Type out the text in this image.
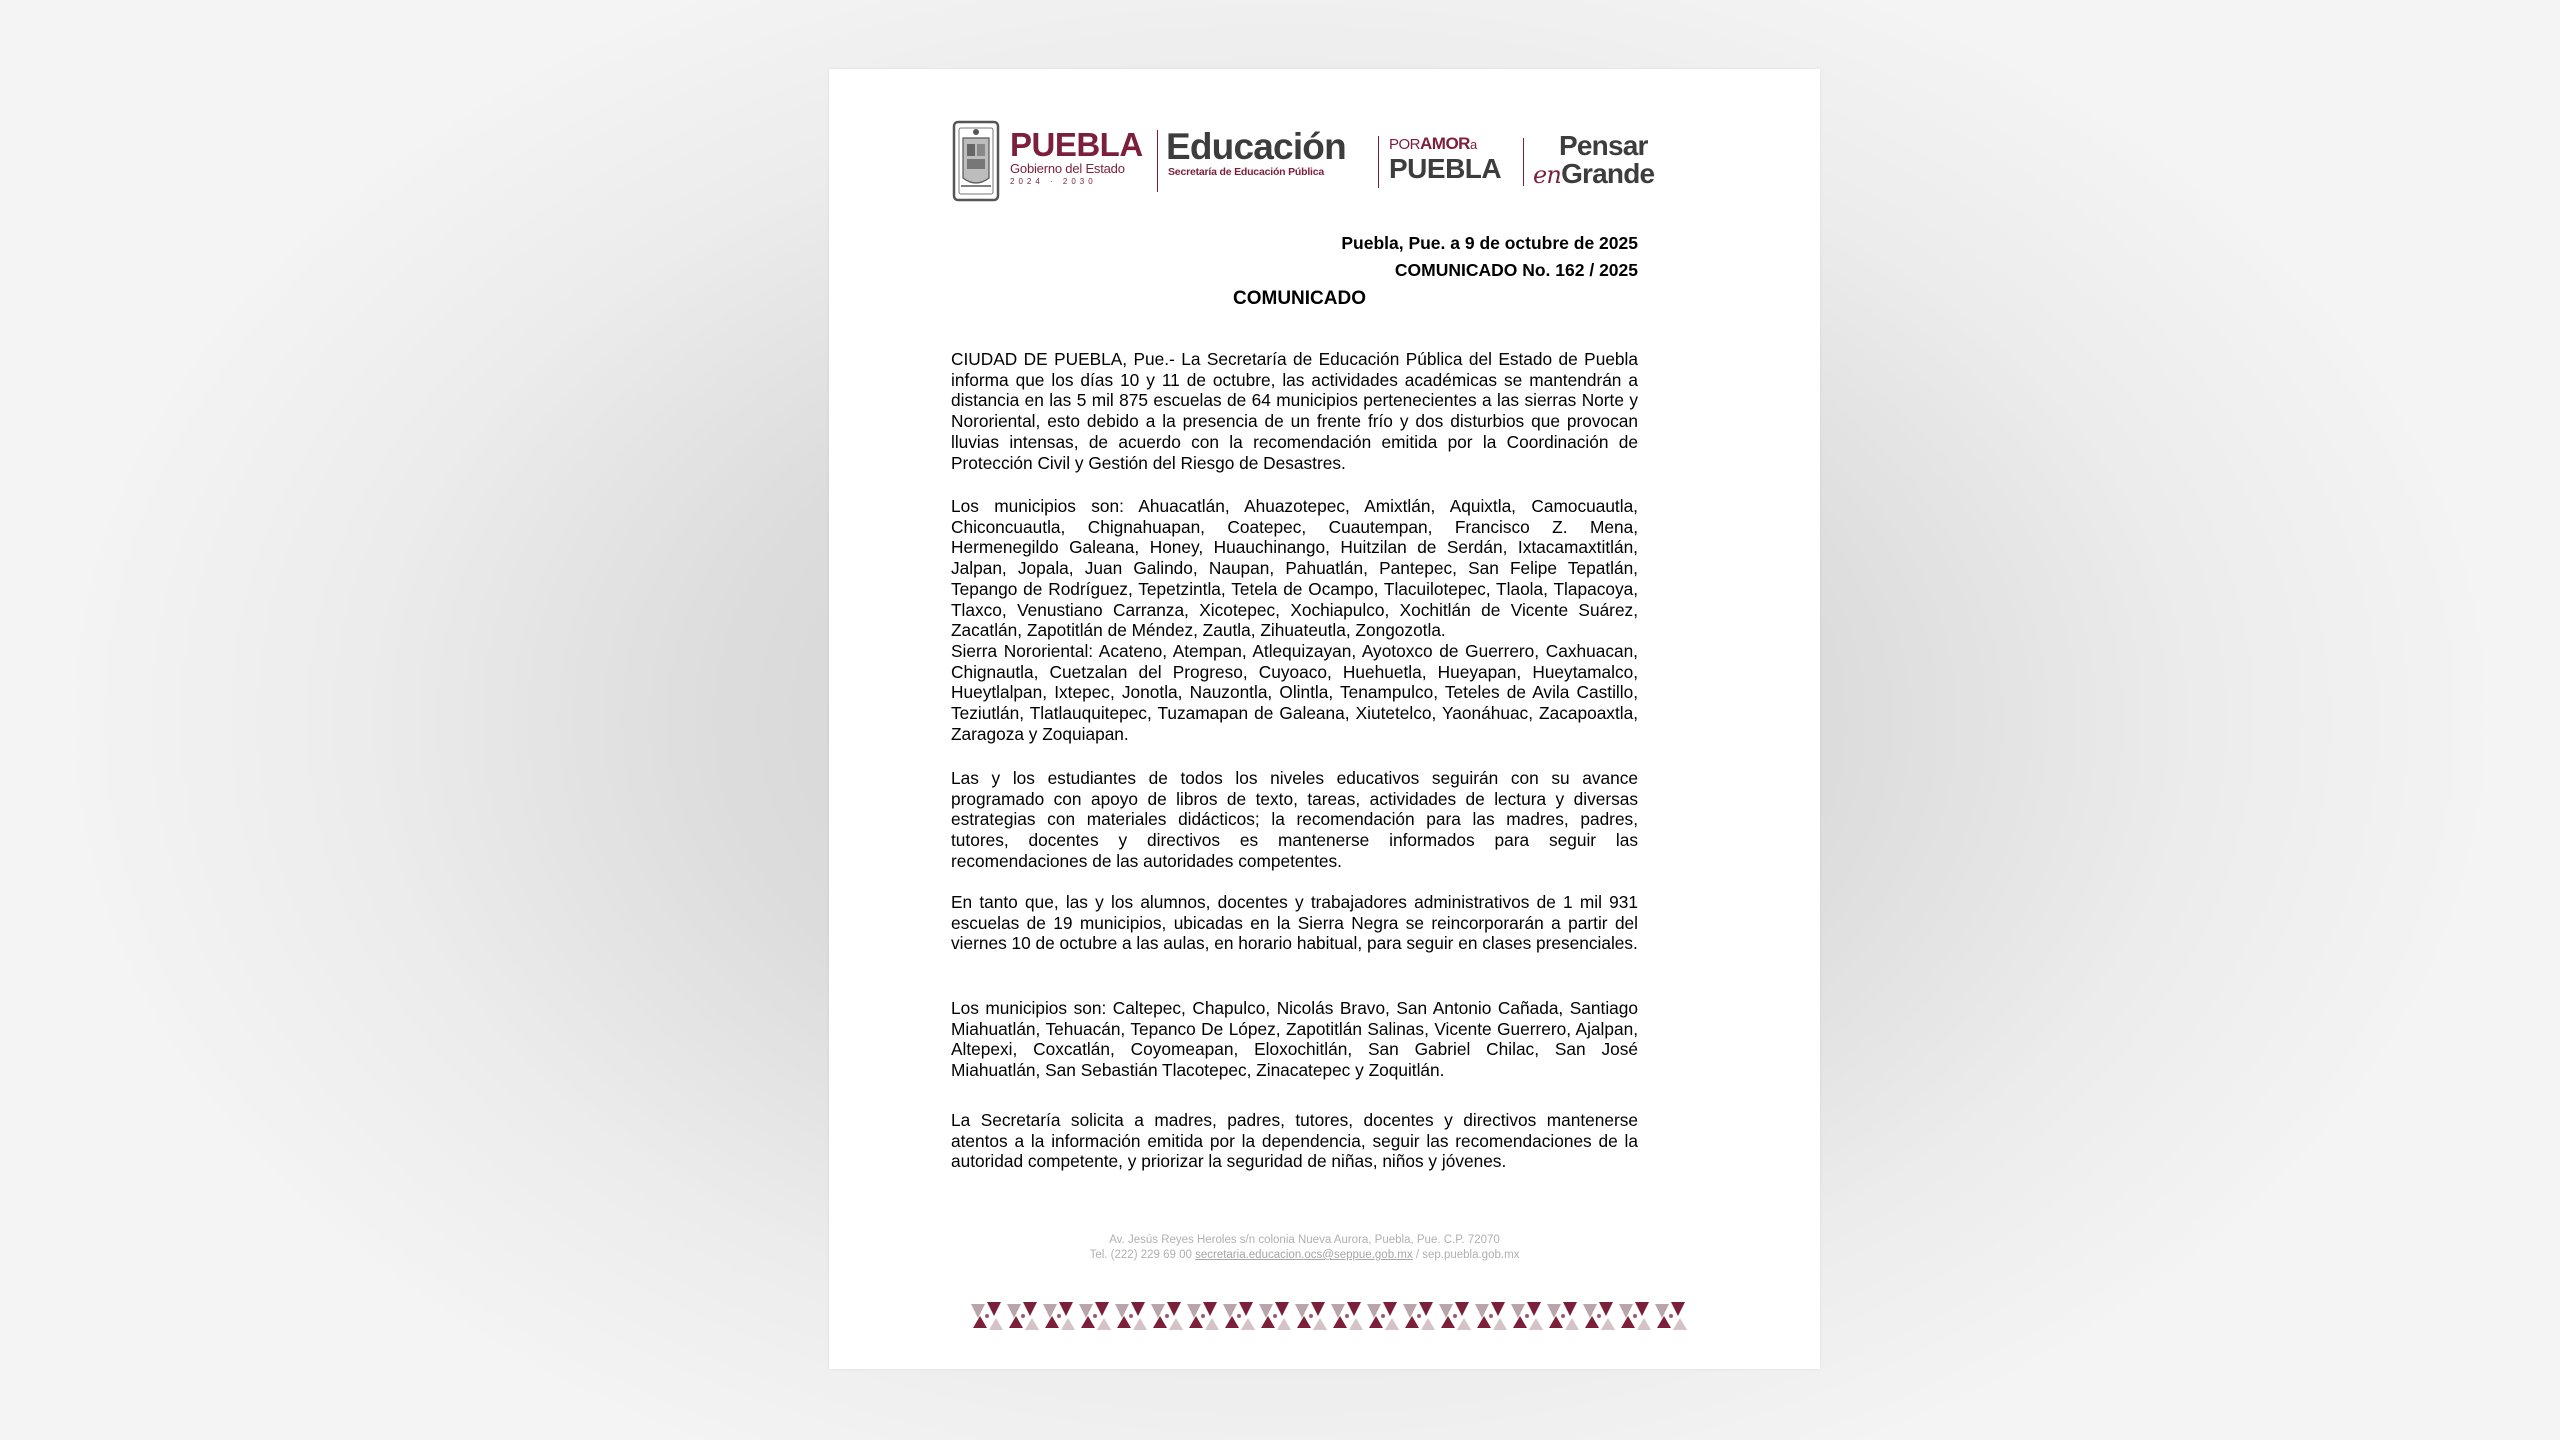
PUEBLA
Gobierno del Estado
2024 · 2030
Educación
Secretaría de Educación Pública
PORAMORa
PUEBLA
Pensar
enGrande
Puebla, Pue. a 9 de octubre de 2025
COMUNICADO No. 162 / 2025
COMUNICADO

CIUDAD DE PUEBLA, Pue.- La Secretaría de Educación Pública del Estado de Puebla informa que los días 10 y 11 de octubre, las actividades académicas se mantendrán a distancia en las 5 mil 875 escuelas de 64 municipios pertenecientes a las sierras Norte y Nororiental, esto debido a la presencia de un frente frío y dos disturbios que provocan lluvias intensas, de acuerdo con la recomendación emitida por la Coordinación de Protección Civil y Gestión del Riesgo de Desastres.

Los municipios son: Ahuacatlán, Ahuazotepec, Amixtlán, Aquixtla, Camocuautla, Chiconcuautla, Chignahuapan, Coatepec, Cuautempan, Francisco Z. Mena, Hermenegildo Galeana, Honey, Huauchinango, Huitzilan de Serdán, Ixtacamaxtitlán, Jalpan, Jopala, Juan Galindo, Naupan, Pahuatlán, Pantepec, San Felipe Tepatlán, Tepango de Rodríguez, Tepetzintla, Tetela de Ocampo, Tlacuilotepec, Tlaola, Tlapacoya, Tlaxco, Venustiano Carranza, Xicotepec, Xochiapulco, Xochitlán de Vicente Suárez, Zacatlán, Zapotitlán de Méndez, Zautla, Zihuateutla, Zongozotla.

Sierra Nororiental: Acateno, Atempan, Atlequizayan, Ayotoxco de Guerrero, Caxhuacan, Chignautla, Cuetzalan del Progreso, Cuyoaco, Huehuetla, Hueyapan, Hueytamalco, Hueytlalpan, Ixtepec, Jonotla, Nauzontla, Olintla, Tenampulco, Teteles de Avila Castillo, Teziutlán, Tlatlauquitepec, Tuzamapan de Galeana, Xiutetelco, Yaonáhuac, Zacapoaxtla, Zaragoza y Zoquiapan.

Las y los estudiantes de todos los niveles educativos seguirán con su avance programado con apoyo de libros de texto, tareas, actividades de lectura y diversas estrategias con materiales didácticos; la recomendación para las madres, padres, tutores, docentes y directivos es mantenerse informados para seguir las recomendaciones de las autoridades competentes.

En tanto que, las y los alumnos, docentes y trabajadores administrativos de 1 mil 931 escuelas de 19 municipios, ubicadas en la Sierra Negra se reincorporarán a partir del viernes 10 de octubre a las aulas, en horario habitual, para seguir en clases presenciales.

Los municipios son: Caltepec, Chapulco, Nicolás Bravo, San Antonio Cañada, Santiago Miahuatlán, Tehuacán, Tepanco De López, Zapotitlán Salinas, Vicente Guerrero, Ajalpan, Altepexi, Coxcatlán, Coyomeapan, Eloxochitlán, San Gabriel Chilac, San José Miahuatlán, San Sebastián Tlacotepec, Zinacatepec y Zoquitlán.

La Secretaría solicita a madres, padres, tutores, docentes y directivos mantenerse atentos a la información emitida por la dependencia, seguir las recomendaciones de la autoridad competente, y priorizar la seguridad de niñas, niños y jóvenes.

Av. Jesús Reyes Heroles s/n colonia Nueva Aurora, Puebla, Pue. C.P. 72070
Tel. (222) 229 69 00 secretaria.educacion.ocs@seppue.gob.mx / sep.puebla.gob.mx
